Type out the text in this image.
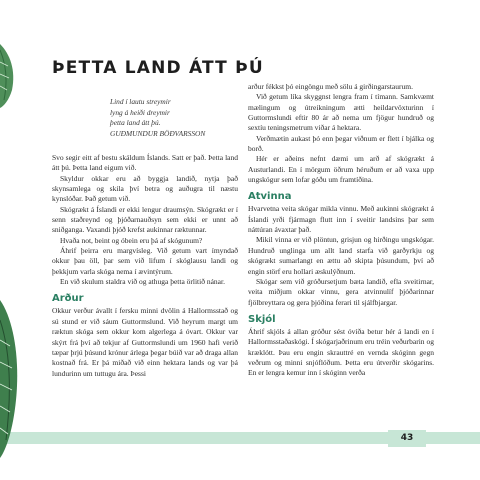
ÞETTA LAND ÁTT ÞÚ
Lind í lautu streymir
lyng á heiði dreymir
þetta land átt þú.
GUÐMUNDUR BÖÐVARSSON

Svo segir eitt af bestu skáldum Íslands. Satt er það. Þetta land átt þú. Þetta land eigum við.

Skyldur okkar eru að byggja landið, nytja það skynsamlega og skila því betra og auðugra til næstu kynslóðar. Það getum við.

Skógrækt á Íslandi er ekki lengur draumsýn. Skógrækt er í senn staðreynd og þjóðarnauðsyn sem ekki er unnt að sniðganga. Vaxandi þjóð krefst aukinnar ræktunnar.

Hvaða not, beint og óbein eru þá af skógunum?

Áhrif þeirra eru margvísleg. Við getum vart ímyndað okkur þau öll, þar sem við lifum í skóglausu landi og þekkjum varla skóga nema í ævintýrum.

En við skulum staldra við og athuga þetta örlitið nánar.

Arður

Okkur verður ávallt í fersku minni dvölin á Hallormsstað og sú stund er við sáum Guttormslund. Við heyrum margt um ræktun skóga sem okkur kom algerlega á óvart. Okkur var skýrt frá því að tekjur af Guttormslundi um 1960 hafi verið tæpar þrjú þúsund krónur árlega þegar búið var að draga allan kostnað frá. Er þá miðað við einn hektara lands og var þá lundurinn um tuttugu ára. Þessi

arður fékkst þó eingöngu með sölu á girðingarstaurum.

Við getum líka skyggnst lengra fram í tímann. Samkvæmt mælingum og útreikningum ætti heildarvöxturinn í Guttormslundi eftir 80 ár að nema um fjögur hundruð og sextíu teningsmetrum viðar á hektara.

Verðmætin aukast þó enn þegar viðnum er flett í bjálka og borð.

Hér er aðeins nefnt dæmi um arð af skógrækt á Austurlandi. En í mörgum öðrum héruðum er að vaxa upp ungskógur sem lofar góðu um framtíðina.

Atvinna

Hvarvetna veita skógar mikla vinnu. Með aukinni skógrækt á Íslandi yrði fjármagn flutt inn í sveitir landsins þar sem náttúran ávaxtar það.

Mikil vinna er við plöntun, grisjun og hirðingu ungskógar. Hundruð unglinga um allt land starfa við garðyrkju og skógrækt sumarlangt en ættu að skipta þúsundum, því að engin störf eru hollari æskulýðnum.

Skógar sem við gróðursetjum bæta landið, efla sveitirnar, veita miðjum okkar vinnu, gera atvinnulíf þjóðarinnar fjölbreyttara og gera þjóðina ferari til sjálfbjargar.

Skjól

Áhrif skjóls á allan gróður sést óvíða betur hér á landi en í Hallormsstaðaskógi. Í skógarjaðrinum eru tréin veðurbarin og kræklótt. Þau eru engin skrauttré en vernda skóginn gegn veðrum og minni snjóflóðum. Þetta eru útverðir skógarins. En er lengra kemur inn í skóginn verða

43
